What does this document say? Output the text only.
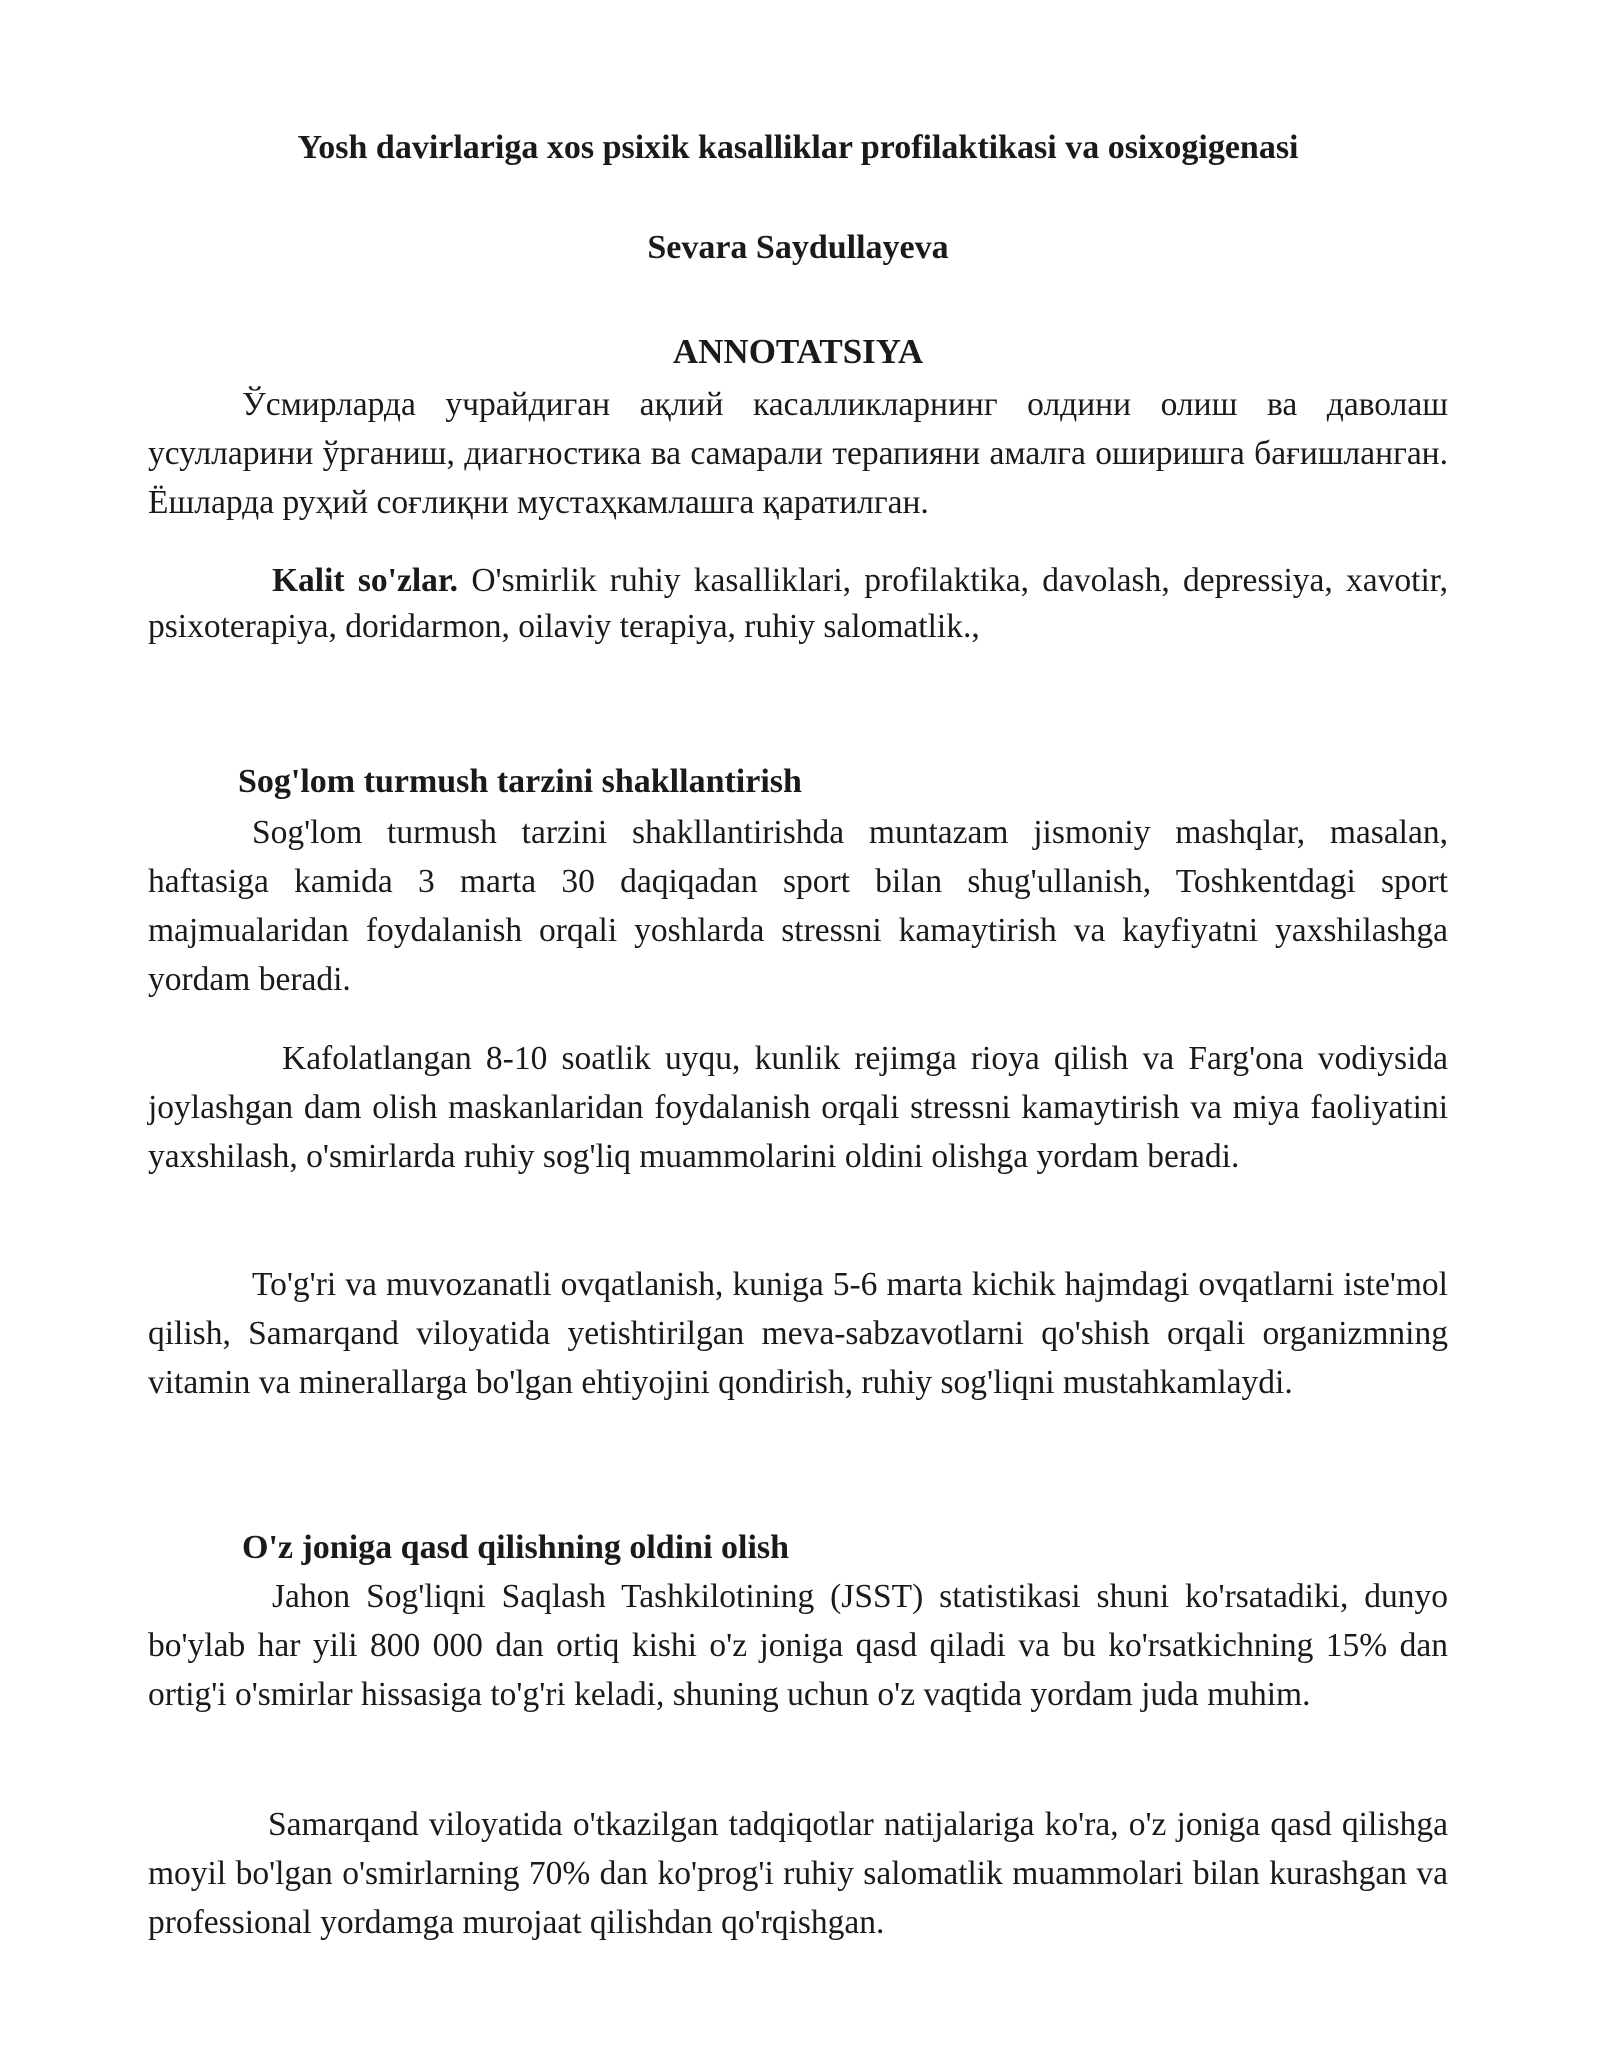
Yosh davirlariga xos psixik kasalliklar profilaktikasi va osixogigenasi
Sevara Saydullayeva
ANNOTATSIYA

Ўсмирларда учрайдиган ақлий касалликларнинг олдини олиш ва даволаш усулларини ўрганиш, диагностика ва самарали терапияни амалга оширишга бағишланган. Ёшларда руҳий соғлиқни мустаҳкамлашга қаратилган.

Kalit so'zlar. O'smirlik ruhiy kasalliklari, profilaktika, davolash, depressiya, xavotir, psixoterapiya, doridarmon, oilaviy terapiya, ruhiy salomatlik.,

Sog'lom turmush tarzini shakllantirish

Sog'lom turmush tarzini shakllantirishda muntazam jismoniy mashqlar, masalan, haftasiga kamida 3 marta 30 daqiqadan sport bilan shug'ullanish, Toshkentdagi sport majmualaridan foydalanish orqali yoshlarda stressni kamaytirish va kayfiyatni yaxshilashga yordam beradi.

Kafolatlangan 8-10 soatlik uyqu, kunlik rejimga rioya qilish va Farg'ona vodiysida joylashgan dam olish maskanlaridan foydalanish orqali stressni kamaytirish va miya faoliyatini yaxshilash, o'smirlarda ruhiy sog'liq muammolarini oldini olishga yordam beradi.

To'g'ri va muvozanatli ovqatlanish, kuniga 5-6 marta kichik hajmdagi ovqatlarni iste'mol qilish, Samarqand viloyatida yetishtirilgan meva-sabzavotlarni qo'shish orqali organizmning vitamin va minerallarga bo'lgan ehtiyojini qondirish, ruhiy sog'liqni mustahkamlaydi.

O'z joniga qasd qilishning oldini olish

Jahon Sog'liqni Saqlash Tashkilotining (JSST) statistikasi shuni ko'rsatadiki, dunyo bo'ylab har yili 800 000 dan ortiq kishi o'z joniga qasd qiladi va bu ko'rsatkichning 15% dan ortig'i o'smirlar hissasiga to'g'ri keladi, shuning uchun o'z vaqtida yordam juda muhim.

Samarqand viloyatida o'tkazilgan tadqiqotlar natijalariga ko'ra, o'z joniga qasd qilishga moyil bo'lgan o'smirlarning 70% dan ko'prog'i ruhiy salomatlik muammolari bilan kurashgan va professional yordamga murojaat qilishdan qo'rqishgan.
